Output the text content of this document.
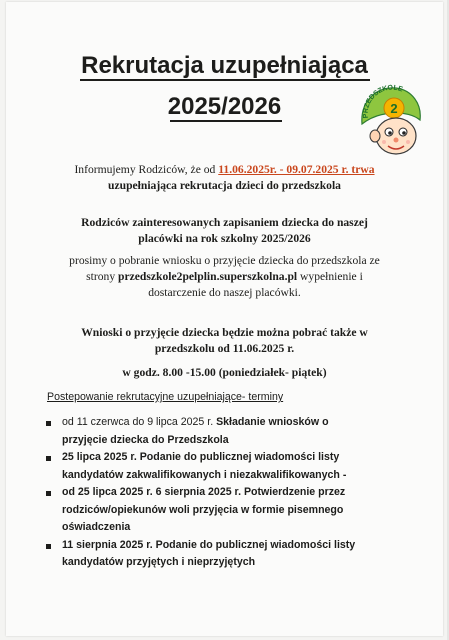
Rekrutacja uzupełniająca
2025/2026	2
PRZEDSZKOLE

Informujemy Rodziców, że od 11.06.2025r. - 09.07.2025 r. trwa

uzupełniająca rekrutacja dzieci do przedszkola

Rodziców zainteresowanych zapisaniem dziecka do naszej

placówki na rok szkolny 2025/2026

prosimy o pobranie wniosku o przyjęcie dziecka do przedszkola ze

strony przedszkole2pelplin.superszkolna.pl wypełnienie i

dostarczenie do naszej placówki.

Wnioski o przyjęcie dziecka będzie można pobrać także w

przedszkolu od 11.06.2025 r.

w godz. 8.00 -15.00 (poniedziałek- piątek)

Postepowanie rekrutacyjne uzupełniające- terminy
od 11 czerwca do 9 lipca 2025 r. Składanie wniosków o
przyjęcie dziecka do Przedszkola
25 lipca 2025 r. Podanie do publicznej wiadomości listy
kandydatów zakwalifikowanych i niezakwalifikowanych -
od 25 lipca 2025 r. 6 sierpnia 2025 r. Potwierdzenie przez
rodziców/opiekunów woli przyjęcia w formie pisemnego
oświadczenia
11 sierpnia 2025 r. Podanie do publicznej wiadomości listy
kandydatów przyjętych i nieprzyjętych
